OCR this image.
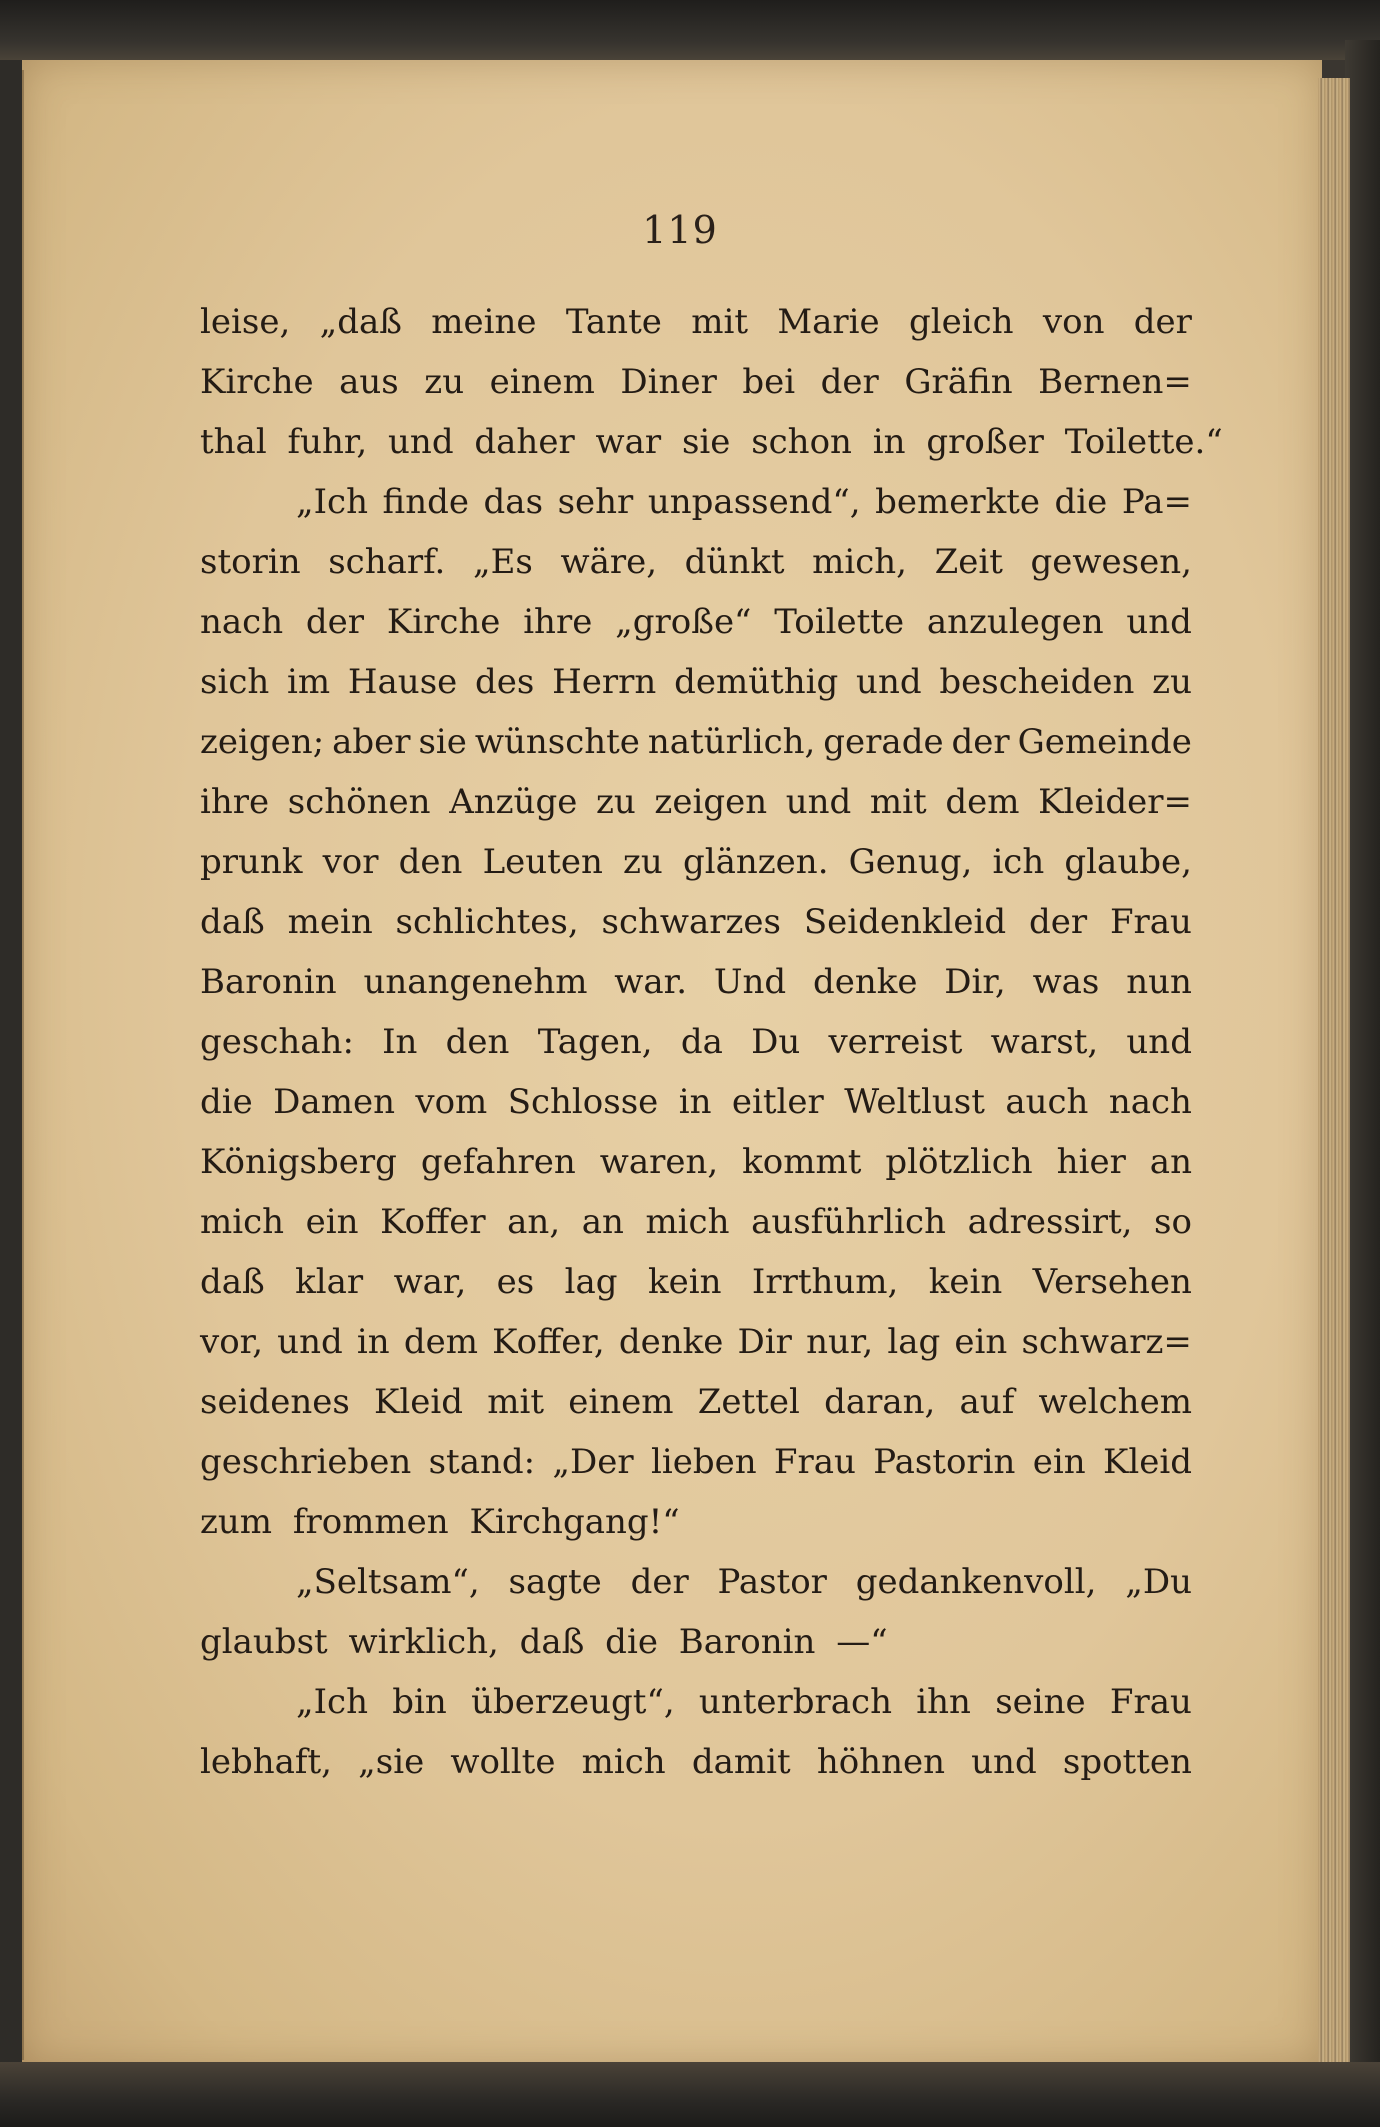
119
leise, „daß meine Tante mit Marie gleich von der
Kirche aus zu einem Diner bei der Gräfin Bernen=
thal fuhr, und daher war sie schon in großer Toilette.“
„Ich finde das sehr unpassend“, bemerkte die Pa=
storin scharf. „Es wäre, dünkt mich, Zeit gewesen,
nach der Kirche ihre „große“ Toilette anzulegen und
sich im Hause des Herrn demüthig und bescheiden zu
zeigen; aber sie wünschte natürlich, gerade der Gemeinde
ihre schönen Anzüge zu zeigen und mit dem Kleider=
prunk vor den Leuten zu glänzen. Genug, ich glaube,
daß mein schlichtes, schwarzes Seidenkleid der Frau
Baronin unangenehm war. Und denke Dir, was nun
geschah: In den Tagen, da Du verreist warst, und
die Damen vom Schlosse in eitler Weltlust auch nach
Königsberg gefahren waren, kommt plötzlich hier an
mich ein Koffer an, an mich ausführlich adressirt, so
daß klar war, es lag kein Irrthum, kein Versehen
vor, und in dem Koffer, denke Dir nur, lag ein schwarz=
seidenes Kleid mit einem Zettel daran, auf welchem
geschrieben stand: „Der lieben Frau Pastorin ein Kleid
zum frommen Kirchgang!“
„Seltsam“, sagte der Pastor gedankenvoll, „Du
glaubst wirklich, daß die Baronin —“
„Ich bin überzeugt“, unterbrach ihn seine Frau
lebhaft, „sie wollte mich damit höhnen und spotten
